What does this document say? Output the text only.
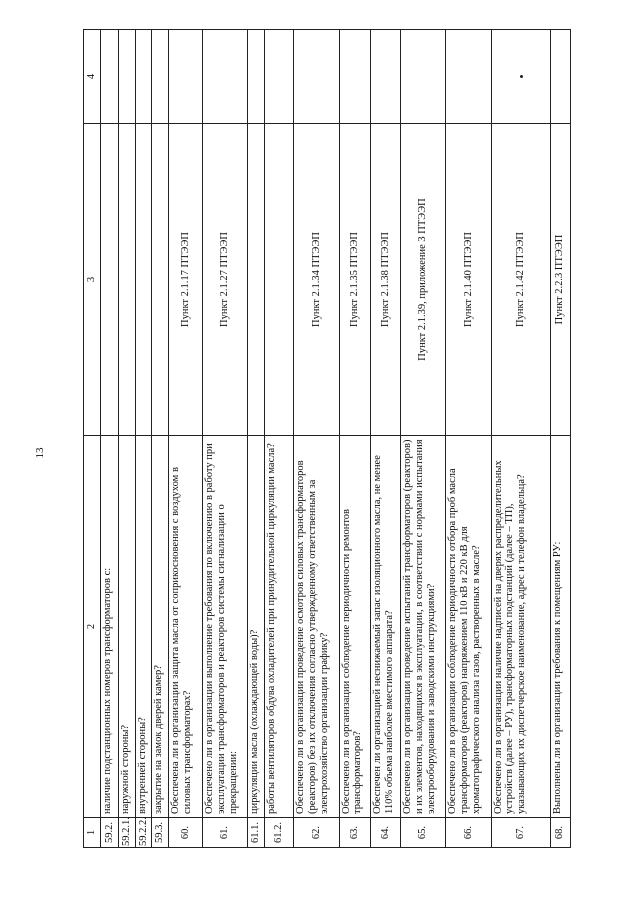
13
1	2	3	4
59.2.	наличие подстанционных номеров трансформаторов с:		
59.2.1.	наружной стороны?		
59.2.2.	внутренней стороны?		
59.3.	закрытие на замок дверей камер?		
60.	Обеспечена ли в организации защита масла от соприкосновения с воздухом в силовых трансформаторах?	Пункт 2.1.17 ПТЭЭП	
61.	Обеспечено ли в организации выполнение требования по включению в работу при эксплуатации трансформаторов и реакторов системы сигнализации о прекращении:	Пункт 2.1.27 ПТЭЭП	
61.1.	циркуляции масла (охлаждающей воды)?		
61.2.	работы вентиляторов обдува охладителей при принудительной циркуляции масла?		
62.	Обеспечено ли в организации проведение осмотров силовых трансформаторов (реакторов) без их отключения согласно утвержденному ответственным за электрохозяйство организации графику?	Пункт 2.1.34 ПТЭЭП	
63.	Обеспечено ли в организации соблюдение периодичности ремонтов трансформаторов?	Пункт 2.1.35 ПТЭЭП	
64.	Обеспечен ли организацией неснижаемый запас изоляционного масла, не менее 110% объема наиболее вместимого аппарата?	Пункт 2.1.38 ПТЭЭП	
65.	Обеспечено ли в организации проведение испытаний трансформаторов (реакторов) и их элементов, находящихся в эксплуатации, в соответствии с нормами испытания электрооборудования и заводскими инструкциями?	Пункт 2.1.39, приложение 3 ПТЭЭП	
66.	Обеспечено ли в организации соблюдение периодичности отбора проб масла трансформаторов (реакторов) напряжением 110 кВ и 220 кВ для хроматографического анализа газов, растворенных в масле?	Пункт 2.1.40 ПТЭЭП	
67.	Обеспечено ли в организации наличие надписей на дверях распределительных устройств (далее – РУ), трансформаторных подстанций (далее – ТП), указывающих их диспетчерское наименование, адрес и телефон владельца?	Пункт 2.1.42 ПТЭЭП	
68.	Выполнены ли в организации требования к помещениям РУ:	Пункт 2.2.3 ПТЭЭП	
